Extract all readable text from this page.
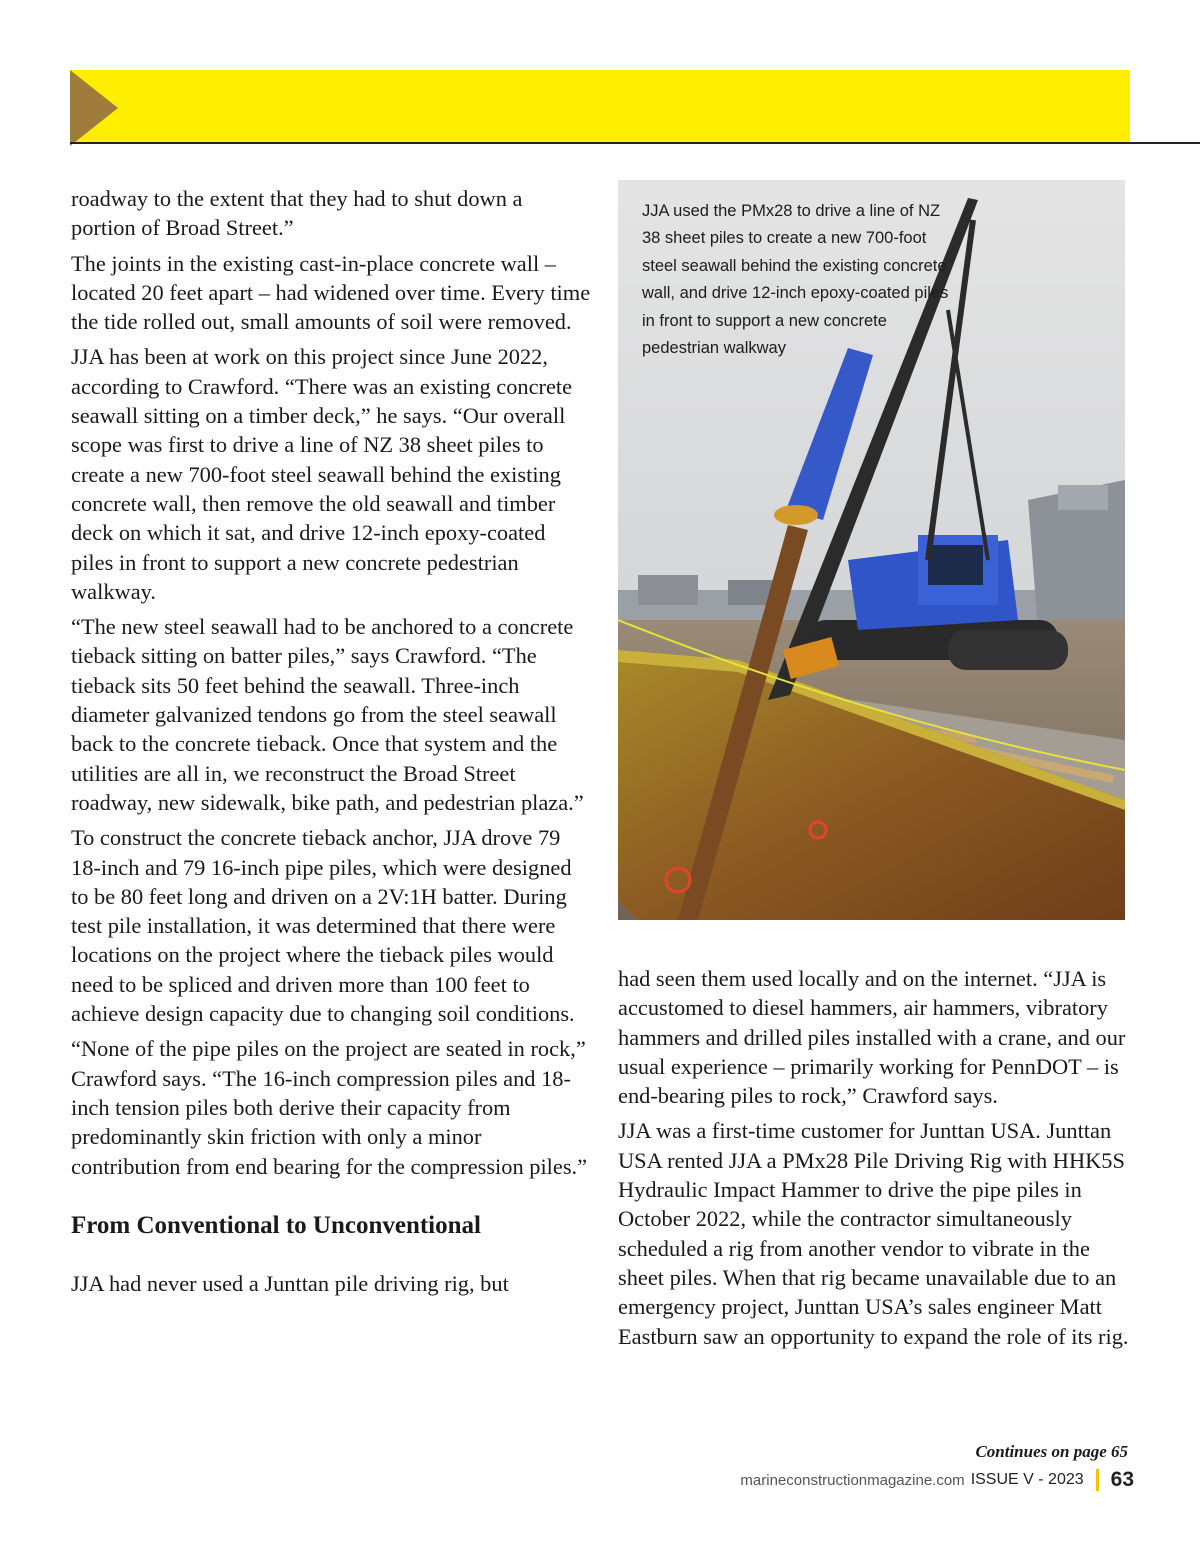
roadway to the extent that they had to shut down a portion of Broad Street.”

The joints in the existing cast-in-place concrete wall – located 20 feet apart – had widened over time. Every time the tide rolled out, small amounts of soil were removed.

JJA has been at work on this project since June 2022, according to Crawford. “There was an existing concrete seawall sitting on a timber deck,” he says. “Our overall scope was first to drive a line of NZ 38 sheet piles to create a new 700-foot steel seawall behind the existing concrete wall, then remove the old seawall and timber deck on which it sat, and drive 12-inch epoxy-coated piles in front to support a new concrete pedestrian walkway.

“The new steel seawall had to be anchored to a concrete tieback sitting on batter piles,” says Crawford. “The tieback sits 50 feet behind the seawall. Three-inch diameter galvanized tendons go from the steel seawall back to the concrete tieback. Once that system and the utilities are all in, we reconstruct the Broad Street roadway, new sidewalk, bike path, and pedestrian plaza.”

To construct the concrete tieback anchor, JJA drove 79 18-inch and 79 16-inch pipe piles, which were designed to be 80 feet long and driven on a 2V:1H batter. During test pile installation, it was determined that there were locations on the project where the tieback piles would need to be spliced and driven more than 100 feet to achieve design capacity due to changing soil conditions.

“None of the pipe piles on the project are seated in rock,” Crawford says. “The 16-inch compression piles and 18-inch tension piles both derive their capacity from predominantly skin friction with only a minor contribution from end bearing for the compression piles.”

From Conventional to Unconventional

JJA had never used a Junttan pile driving rig, but

JJA used the PMx28 to drive a line of NZ 38 sheet piles to create a new 700-foot steel seawall behind the existing concrete wall, and drive 12-inch epoxy-coated piles in front to support a new concrete pedestrian walkway

had seen them used locally and on the internet. “JJA is accustomed to diesel hammers, air hammers, vibratory hammers and drilled piles installed with a crane, and our usual experience – primarily working for PennDOT – is end-bearing piles to rock,” Crawford says.

JJA was a first-time customer for Junttan USA. Junttan USA rented JJA a PMx28 Pile Driving Rig with HHK5S Hydraulic Impact Hammer to drive the pipe piles in October 2022, while the contractor simultaneously scheduled a rig from another vendor to vibrate in the sheet piles. When that rig became unavailable due to an emergency project, Junttan USA’s sales engineer Matt Eastburn saw an opportunity to expand the role of its rig.

Continues on page 65
marineconstructionmagazine.com ISSUE V - 2023 63
